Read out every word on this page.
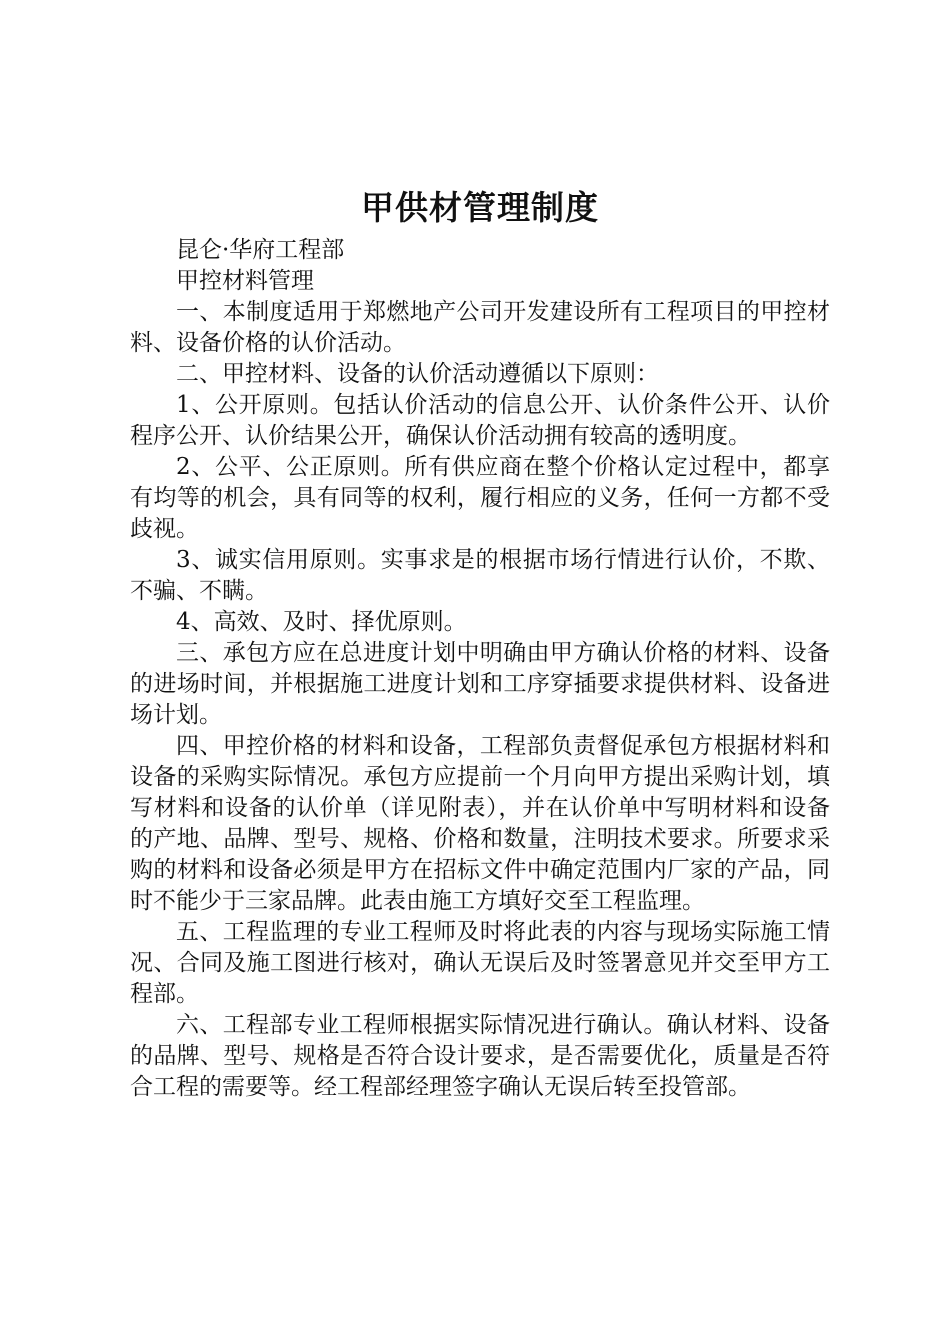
甲供材管理制度

昆仑·华府工程部

甲控材料管理

一、本制度适用于郑燃地产公司开发建设所有工程项目的甲控材料、设备价格的认价活动。

二、甲控材料、设备的认价活动遵循以下原则：

1、公开原则。包括认价活动的信息公开、认价条件公开、认价程序公开、认价结果公开，确保认价活动拥有较高的透明度。

2、公平、公正原则。所有供应商在整个价格认定过程中，都享有均等的机会，具有同等的权利，履行相应的义务，任何一方都不受歧视。

3、诚实信用原则。实事求是的根据市场行情进行认价，不欺、不骗、不瞒。

4、高效、及时、择优原则。

三、承包方应在总进度计划中明确由甲方确认价格的材料、设备的进场时间，并根据施工进度计划和工序穿插要求提供材料、设备进场计划。

四、甲控价格的材料和设备，工程部负责督促承包方根据材料和设备的采购实际情况。承包方应提前一个月向甲方提出采购计划，填写材料和设备的认价单（详见附表），并在认价单中写明材料和设备的产地、品牌、型号、规格、价格和数量，注明技术要求。所要求采购的材料和设备必须是甲方在招标文件中确定范围内厂家的产品，同时不能少于三家品牌。此表由施工方填好交至工程监理。

五、工程监理的专业工程师及时将此表的内容与现场实际施工情况、合同及施工图进行核对，确认无误后及时签署意见并交至甲方工程部。

六、工程部专业工程师根据实际情况进行确认。确认材料、设备的品牌、型号、规格是否符合设计要求，是否需要优化，质量是否符合工程的需要等。经工程部经理签字确认无误后转至投管部。
